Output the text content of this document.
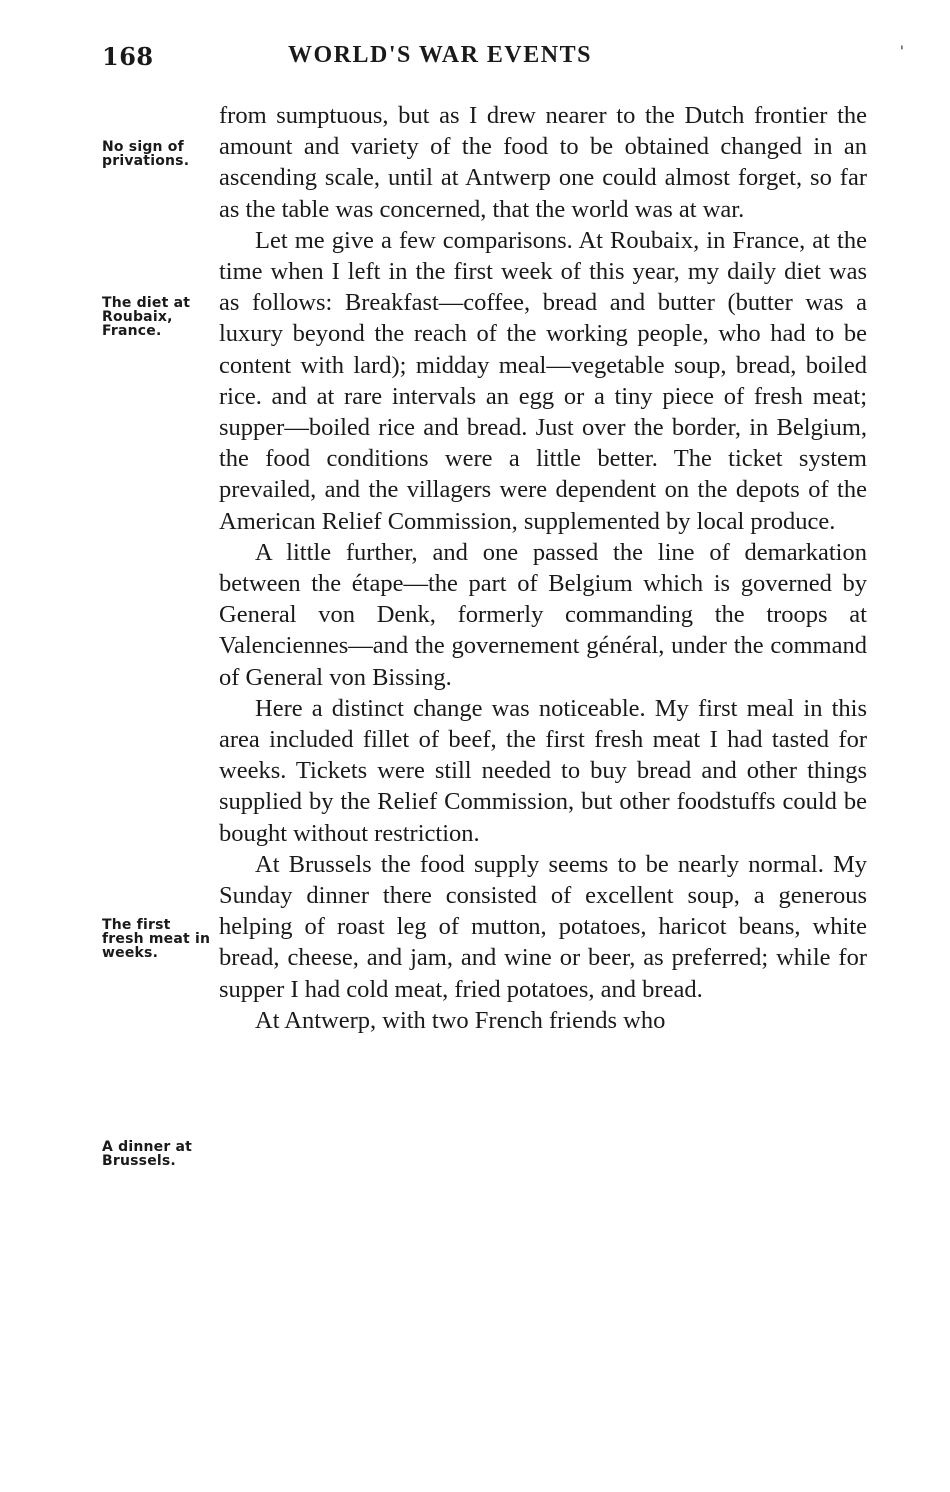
168	WORLD'S WAR EVENTS	'
No sign of privations.
The diet at Roubaix, France.
The first fresh meat in weeks.
A dinner at Brussels.

from sumptuous, but as I drew nearer to the Dutch frontier the amount and variety of the food to be obtained changed in an ascending scale, until at Antwerp one could almost forget, so far as the table was concerned, that the world was at war.

Let me give a few comparisons. At Roubaix, in France, at the time when I left in the first week of this year, my daily diet was as follows: Breakfast—coffee, bread and butter (butter was a luxury beyond the reach of the working people, who had to be content with lard); midday meal—vegetable soup, bread, boiled rice. and at rare intervals an egg or a tiny piece of fresh meat; supper—boiled rice and bread. Just over the border, in Belgium, the food conditions were a little better. The ticket system prevailed, and the villagers were dependent on the depots of the American Relief Commission, supplemented by local produce.

A little further, and one passed the line of demarkation between the étape—the part of Belgium which is governed by General von Denk, formerly commanding the troops at Valenciennes—and the governement général, under the command of General von Bissing.

Here a distinct change was noticeable. My first meal in this area included fillet of beef, the first fresh meat I had tasted for weeks. Tickets were still needed to buy bread and other things supplied by the Relief Commission, but other foodstuffs could be bought without restriction.

At Brussels the food supply seems to be nearly normal. My Sunday dinner there consisted of excellent soup, a generous helping of roast leg of mutton, potatoes, haricot beans, white bread, cheese, and jam, and wine or beer, as preferred; while for supper I had cold meat, fried potatoes, and bread.

At Antwerp, with two French friends who
